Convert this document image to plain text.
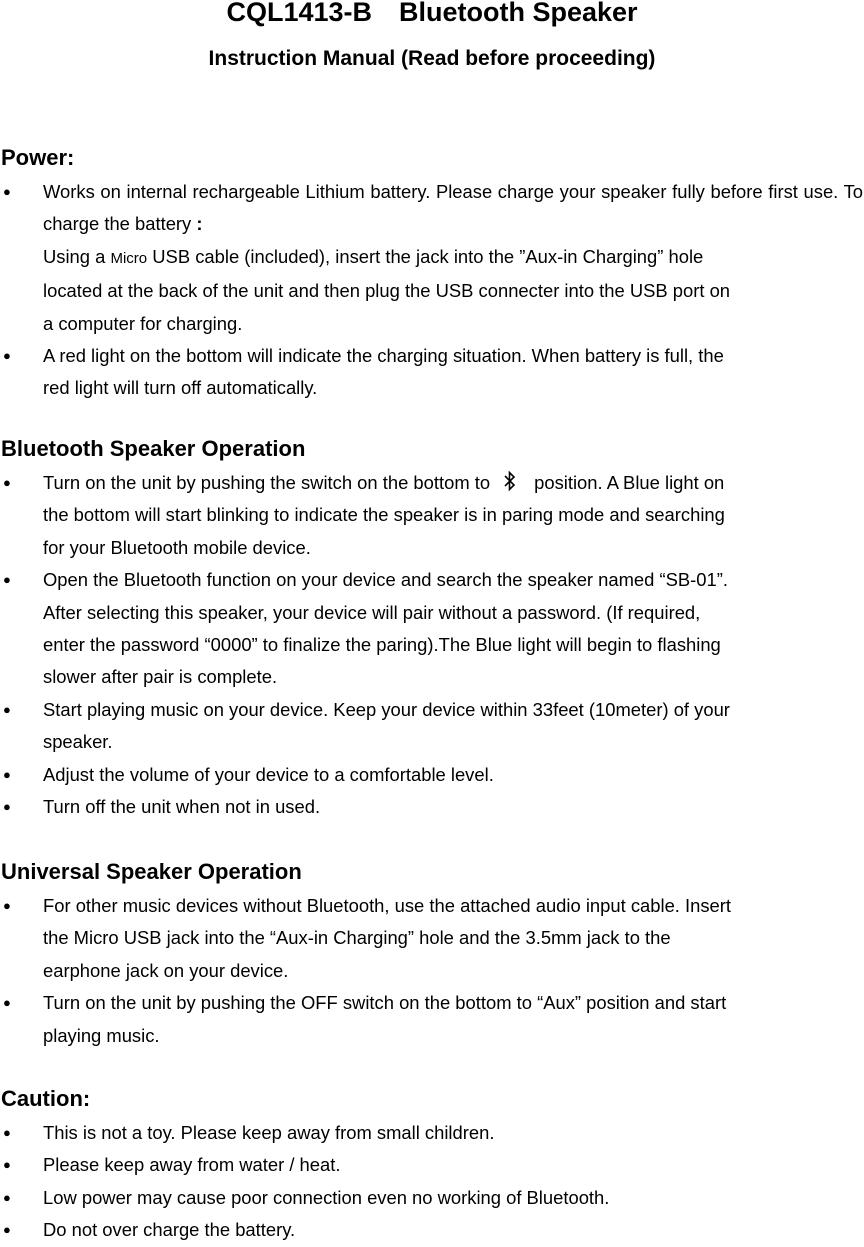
CQL1413-B　Bluetooth Speaker
Instruction Manual (Read before proceeding)
Power:
● Works on internal rechargeable Lithium battery. Please charge your speaker fully before first use. To charge the battery :
Using a Micro USB cable (included), insert the jack into the ”Aux-in Charging” hole
located at the back of the unit and then plug the USB connecter into the USB port on
a computer for charging.
● A red light on the bottom will indicate the charging situation. When battery is full, the
red light will turn off automatically.
Bluetooth Speaker Operation
● Turn on the unit by pushing the switch on the bottom to position. A Blue light on
the bottom will start blinking to indicate the speaker is in paring mode and searching
for your Bluetooth mobile device.
● Open the Bluetooth function on your device and search the speaker named “SB-01”.
After selecting this speaker, your device will pair without a password. (If required,
enter the password “0000” to finalize the paring).The Blue light will begin to flashing
slower after pair is complete.
● Start playing music on your device. Keep your device within 33feet (10meter) of your
speaker.
● Adjust the volume of your device to a comfortable level.
● Turn off the unit when not in used.
Universal Speaker Operation
● For other music devices without Bluetooth, use the attached audio input cable. Insert
the Micro USB jack into the “Aux-in Charging” hole and the 3.5mm jack to the
earphone jack on your device.
● Turn on the unit by pushing the OFF switch on the bottom to “Aux” position and start
playing music.
Caution:
● This is not a toy. Please keep away from small children.
● Please keep away from water / heat.
● Low power may cause poor connection even no working of Bluetooth.
● Do not over charge the battery.
